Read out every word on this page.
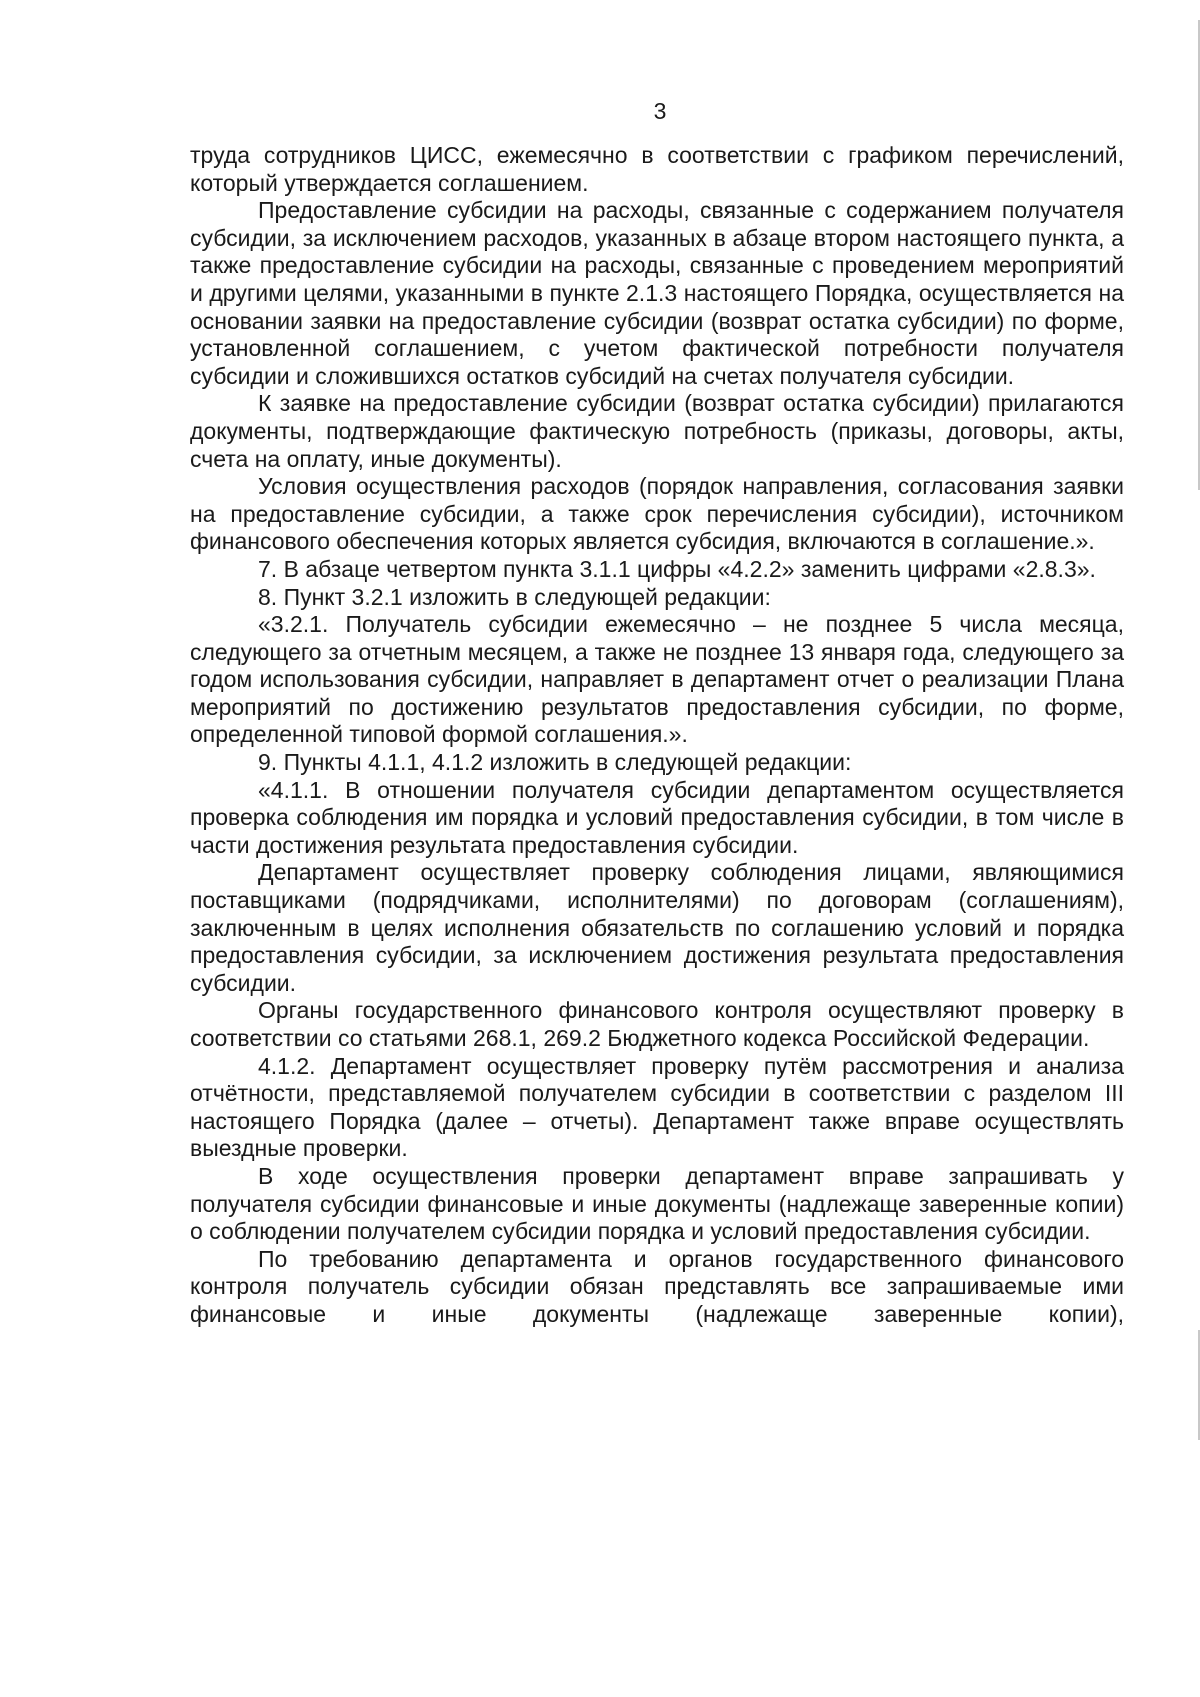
3

труда сотрудников ЦИСС, ежемесячно в соответствии с графиком перечислений, который утверждается соглашением.

Предоставление субсидии на расходы, связанные с содержанием получателя субсидии, за исключением расходов, указанных в абзаце втором настоящего пункта, а также предоставление субсидии на расходы, связанные с проведением мероприятий и другими целями, указанными в пункте 2.1.3 настоящего Порядка, осуществляется на основании заявки на предоставление субсидии (возврат остатка субсидии) по форме, установленной соглашением, с учетом фактической потребности получателя субсидии и сложившихся остатков субсидий на счетах получателя субсидии.

К заявке на предоставление субсидии (возврат остатка субсидии) прилагаются документы, подтверждающие фактическую потребность (приказы, договоры, акты, счета на оплату, иные документы).

Условия осуществления расходов (порядок направления, согласования заявки на предоставление субсидии, а также срок перечисления субсидии), источником финансового обеспечения которых является субсидия, включаются в соглашение.».

7. В абзаце четвертом пункта 3.1.1 цифры «4.2.2» заменить цифрами «2.8.3».

8. Пункт 3.2.1 изложить в следующей редакции:

«3.2.1. Получатель субсидии ежемесячно – не позднее 5 числа месяца, следующего за отчетным месяцем, а также не позднее 13 января года, следующего за годом использования субсидии, направляет в департамент отчет о реализации Плана мероприятий по достижению результатов предоставления субсидии, по форме, определенной типовой формой соглашения.».

9. Пункты 4.1.1, 4.1.2 изложить в следующей редакции:

«4.1.1. В отношении получателя субсидии департаментом осуществляется проверка соблюдения им порядка и условий предоставления субсидии, в том числе в части достижения результата предоставления субсидии.

Департамент осуществляет проверку соблюдения лицами, являющимися поставщиками (подрядчиками, исполнителями) по договорам (соглашениям), заключенным в целях исполнения обязательств по соглашению условий и порядка предоставления субсидии, за исключением достижения результата предоставления субсидии.

Органы государственного финансового контроля осуществляют проверку в соответствии со статьями 268.1, 269.2 Бюджетного кодекса Российской Федерации.

4.1.2. Департамент осуществляет проверку путём рассмотрения и анализа отчётности, представляемой получателем субсидии в соответствии с разделом III настоящего Порядка (далее – отчеты). Департамент также вправе осуществлять выездные проверки.

В ходе осуществления проверки департамент вправе запрашивать у получателя субсидии финансовые и иные документы (надлежаще заверенные копии) о соблюдении получателем субсидии порядка и условий предоставления субсидии.

По требованию департамента и органов государственного финансового контроля получатель субсидии обязан представлять все запрашиваемые ими финансовые и иные документы (надлежаще заверенные копии),
